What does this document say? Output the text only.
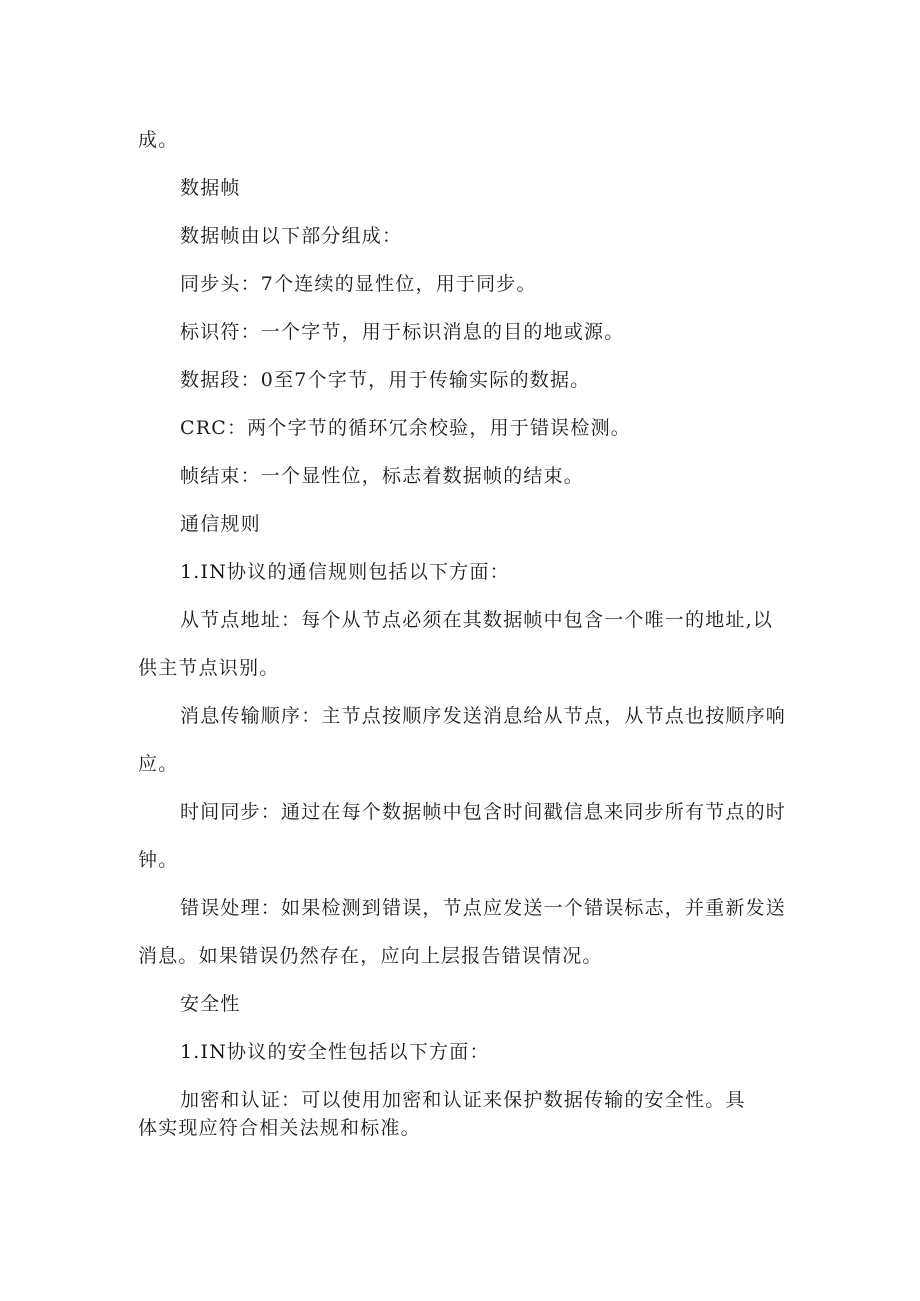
成。

数据帧

数据帧由以下部分组成：

同步头：7个连续的显性位，用于同步。

标识符：一个字节，用于标识消息的目的地或源。

数据段：0至7个字节，用于传输实际的数据。

CRC：两个字节的循环冗余校验，用于错误检测。

帧结束：一个显性位，标志着数据帧的结束。

通信规则

1.IN协议的通信规则包括以下方面：

从节点地址：每个从节点必须在其数据帧中包含一个唯一的地址,以

供主节点识别。

消息传输顺序：主节点按顺序发送消息给从节点，从节点也按顺序响

应。

时间同步：通过在每个数据帧中包含时间戳信息来同步所有节点的时

钟。

错误处理：如果检测到错误，节点应发送一个错误标志，并重新发送

消息。如果错误仍然存在，应向上层报告错误情况。

安全性

1.IN协议的安全性包括以下方面：

加密和认证：可以使用加密和认证来保护数据传输的安全性。具

体实现应符合相关法规和标准。
